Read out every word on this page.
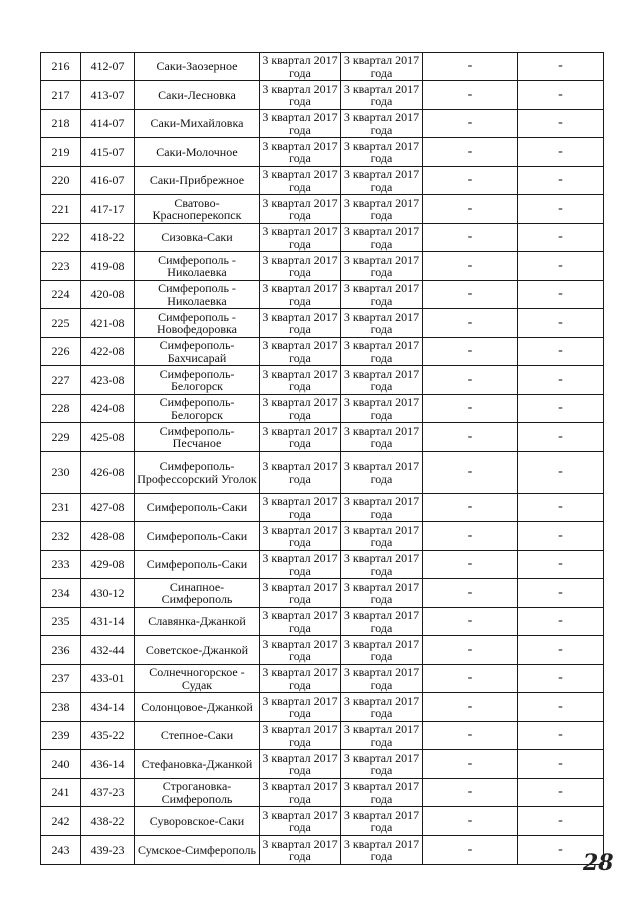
216	412-07	Саки-Заозерное	3 квартал 2017 года	3 квартал 2017 года	-	-
217	413-07	Саки-Лесновка	3 квартал 2017 года	3 квартал 2017 года	-	-
218	414-07	Саки-Михайловка	3 квартал 2017 года	3 квартал 2017 года	-	-
219	415-07	Саки-Молочное	3 квартал 2017 года	3 квартал 2017 года	-	-
220	416-07	Саки-Прибрежное	3 квартал 2017 года	3 квартал 2017 года	-	-
221	417-17	Сватово-Красноперекопск	3 квартал 2017 года	3 квартал 2017 года	-	-
222	418-22	Сизовка-Саки	3 квартал 2017 года	3 квартал 2017 года	-	-
223	419-08	Симферополь - Николаевка	3 квартал 2017 года	3 квартал 2017 года	-	-
224	420-08	Симферополь - Николаевка	3 квартал 2017 года	3 квартал 2017 года	-	-
225	421-08	Симферополь - Новофедоровка	3 квартал 2017 года	3 квартал 2017 года	-	-
226	422-08	Симферополь-Бахчисарай	3 квартал 2017 года	3 квартал 2017 года	-	-
227	423-08	Симферополь-Белогорск	3 квартал 2017 года	3 квартал 2017 года	-	-
228	424-08	Симферополь-Белогорск	3 квартал 2017 года	3 квартал 2017 года	-	-
229	425-08	Симферополь-Песчаное	3 квартал 2017 года	3 квартал 2017 года	-	-
230	426-08	Симферополь-Профессорский Уголок	3 квартал 2017 года	3 квартал 2017 года	-	-
231	427-08	Симферополь-Саки	3 квартал 2017 года	3 квартал 2017 года	-	-
232	428-08	Симферополь-Саки	3 квартал 2017 года	3 квартал 2017 года	-	-
233	429-08	Симферополь-Саки	3 квартал 2017 года	3 квартал 2017 года	-	-
234	430-12	Синапное-Симферополь	3 квартал 2017 года	3 квартал 2017 года	-	-
235	431-14	Славянка-Джанкой	3 квартал 2017 года	3 квартал 2017 года	-	-
236	432-44	Советское-Джанкой	3 квартал 2017 года	3 квартал 2017 года	-	-
237	433-01	Солнечногорское - Судак	3 квартал 2017 года	3 квартал 2017 года	-	-
238	434-14	Солонцовое-Джанкой	3 квартал 2017 года	3 квартал 2017 года	-	-
239	435-22	Степное-Саки	3 квартал 2017 года	3 квартал 2017 года	-	-
240	436-14	Стефановка-Джанкой	3 квартал 2017 года	3 квартал 2017 года	-	-
241	437-23	Строгановка-Симферополь	3 квартал 2017 года	3 квартал 2017 года	-	-
242	438-22	Суворовское-Саки	3 квартал 2017 года	3 квартал 2017 года	-	-
243	439-23	Сумское-Симферополь	3 квартал 2017 года	3 квартал 2017 года	-	-
28
